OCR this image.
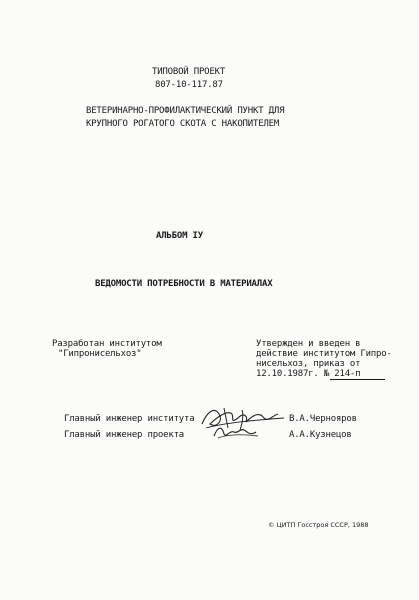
ТИПОВОЙ ПРОЕКТ
807-10-117.87
ВЕТЕРИНАРНО-ПРОФИЛАКТИЧЕСКИЙ ПУНКТ ДЛЯ
КРУПНОГО РОГАТОГО СКОТА С НАКОПИТЕЛЕМ
АЛЬБОМ IУ
ВЕДОМОСТИ ПОТРЕБНОСТИ В МАТЕРИАЛАХ
Разработан институтом
"Гипронисельхоз"
Утвержден и введен в
действие институтом Гипро-
нисельхоз, приказ от
12.10.1987г. № 214-п
Главный инженер института	В.А.Черноярoв
Главный инженер проекта	А.А.Кузнецов
© ЦИТП Госстроя СССР, 1988
